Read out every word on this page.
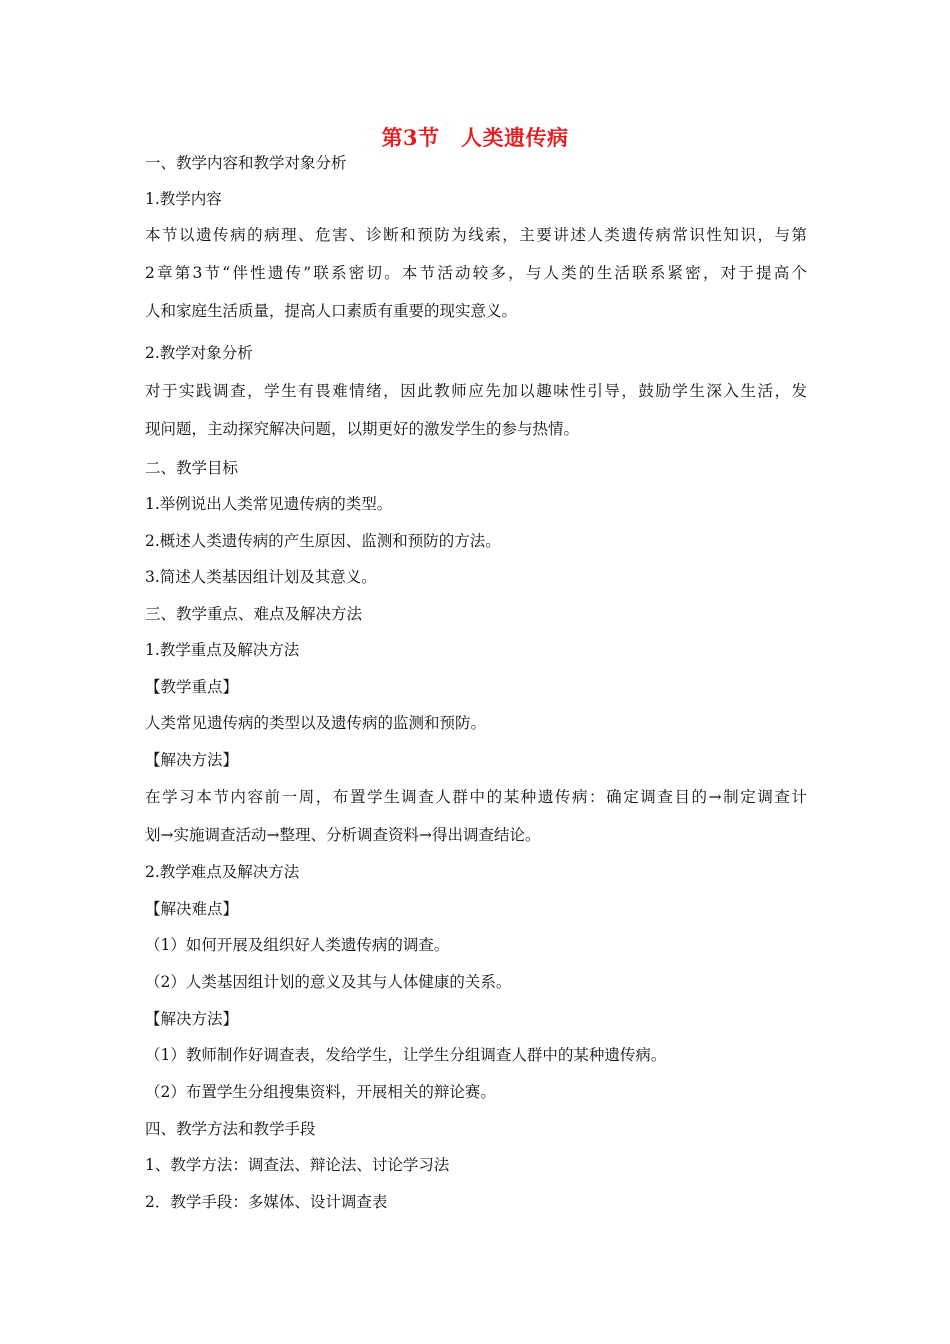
第3节　人类遗传病
一、教学内容和教学对象分析
1.教学内容
本节以遗传病的病理、危害、诊断和预防为线索，主要讲述人类遗传病常识性知识，与第
2章第3节“伴性遗传”联系密切。本节活动较多，与人类的生活联系紧密，对于提高个
人和家庭生活质量，提高人口素质有重要的现实意义。
2.教学对象分析
对于实践调查，学生有畏难情绪，因此教师应先加以趣味性引导，鼓励学生深入生活，发
现问题，主动探究解决问题，以期更好的激发学生的参与热情。
二、教学目标
1.举例说出人类常见遗传病的类型。
2.概述人类遗传病的产生原因、监测和预防的方法。
3.简述人类基因组计划及其意义。
三、教学重点、难点及解决方法
1.教学重点及解决方法
【教学重点】
人类常见遗传病的类型以及遗传病的监测和预防。
【解决方法】
在学习本节内容前一周，布置学生调查人群中的某种遗传病：确定调查目的→制定调查计
划→实施调查活动→整理、分析调查资料→得出调查结论。
2.教学难点及解决方法
【解决难点】
（1）如何开展及组织好人类遗传病的调查。
（2）人类基因组计划的意义及其与人体健康的关系。
【解决方法】
（1）教师制作好调查表，发给学生，让学生分组调查人群中的某种遗传病。
（2）布置学生分组搜集资料，开展相关的辩论赛。
四、教学方法和教学手段
1、教学方法：调查法、辩论法、讨论学习法
2．教学手段：多媒体、设计调查表
